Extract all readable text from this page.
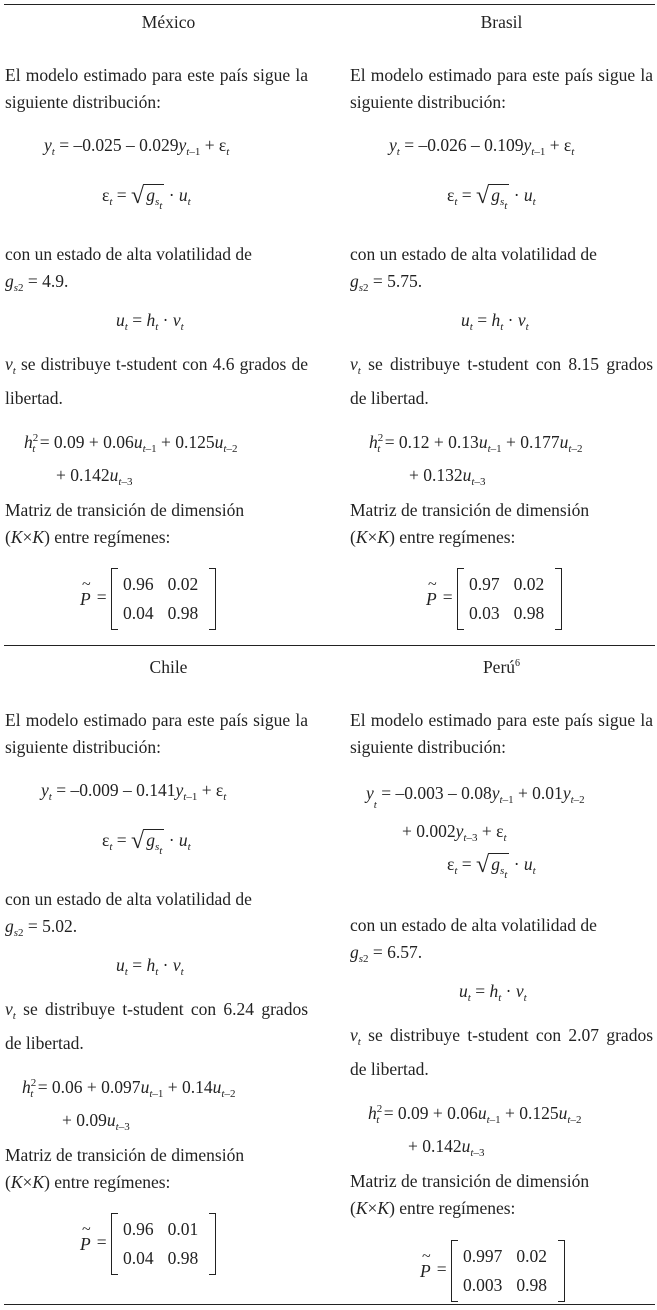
México
El modelo estimado para este país sigue la siguiente distribución:
$y_t = -0.025 - 0.029y_{t-1} + \varepsilon_t$
$\varepsilon_t$ = √ $g_{s_t} \cdot u_t$
con un estado de alta volatilidad de
$g_{s2} = 4.9$.
$u_t = h_t \cdot v_t$
$v_t$ se distribuye t-student con 4.6 grados de libertad.
$h^2_t = 0.09 + 0.06u_{t-1} + 0.125u_{t-2}$
+ $0.142u_{t-3}$
Matriz de transición de dimensión
(K×K) entre regímenes:
~ P =
0.96	0.02
0.04	0.98
Brasil
El modelo estimado para este país sigue la siguiente distribución:
$y_t = -0.026 - 0.109y_{t-1} + \varepsilon_t$
$\varepsilon_t$ = √ $g_{s_t} \cdot u_t$
con un estado de alta volatilidad de
$g_{s2} = 5.75$.
$u_t = h_t \cdot v_t$
$v_t$ se distribuye t-student con 8.15 grados de libertad.
$h^2_t = 0.12 + 0.13u_{t-1} + 0.177u_{t-2}$
+ $0.132u_{t-3}$
Matriz de transición de dimensión
(K×K) entre regímenes:
~ P =
0.97	0.02
0.03	0.98
Chile
El modelo estimado para este país sigue la siguiente distribución:
$y_t = -0.009 - 0.141y_{t-1} + \varepsilon_t$
$\varepsilon_t$ = √ $g_{s_t} \cdot u_t$
con un estado de alta volatilidad de
$g_{s2} = 5.02$.
$u_t = h_t \cdot v_t$
$v_t$ se distribuye t-student con 6.24 grados de libertad.
$h^2_t = 0.06 + 0.097u_{t-1} + 0.14u_{t-2}$
+ $0.09u_{t-3}$
Matriz de transición de dimensión
(K×K) entre regímenes:
~ P =
0.96	0.01
0.04	0.98
Perú$^6$
El modelo estimado para este país sigue la siguiente distribución:
$y_t = -0.003 - 0.08y_{t-1} + 0.01y_{t-2}$
+ $0.002y_{t-3} + \varepsilon_t$
$\varepsilon_t$ = √ $g_{s_t} \cdot u_t$
con un estado de alta volatilidad de
$g_{s2} = 6.57$.
$u_t = h_t \cdot v_t$
$v_t$ se distribuye t-student con 2.07 grados de libertad.
$h^2_t = 0.09 + 0.06u_{t-1} + 0.125u_{t-2}$
+ $0.142u_{t-3}$
Matriz de transición de dimensión
(K×K) entre regímenes:
~ P =
0.997	0.02
0.003	0.98
